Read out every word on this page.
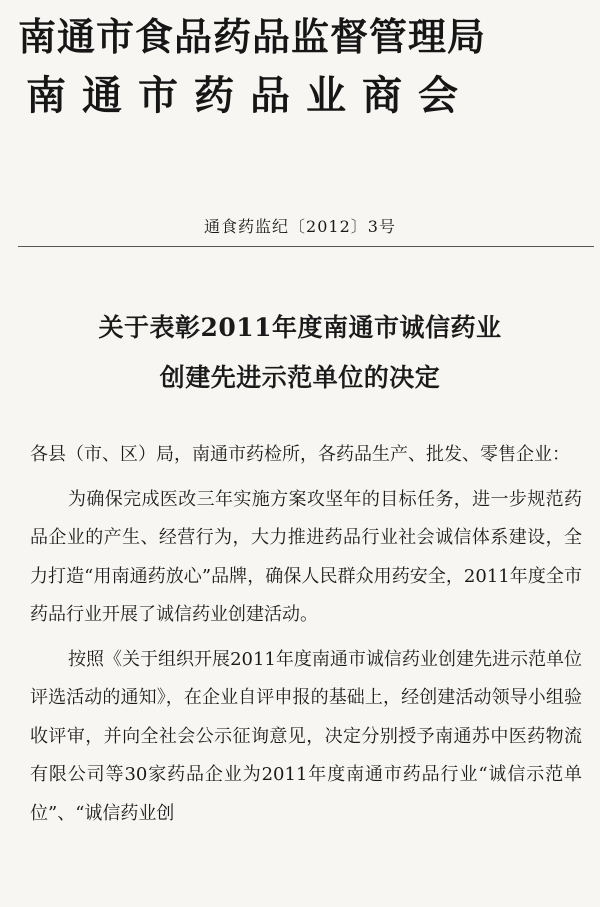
南通市食品药品监督管理局
南通市药品业商会
通食药监纪〔2012〕3号
关于表彰2011年度南通市诚信药业
创建先进示范单位的决定

各县（市、区）局，南通市药检所，各药品生产、批发、零售企业：

为确保完成医改三年实施方案攻坚年的目标任务，进一步规范药品企业的产生、经营行为，大力推进药品行业社会诚信体系建设，全力打造“用南通药放心”品牌，确保人民群众用药安全，2011年度全市药品行业开展了诚信药业创建活动。

按照《关于组织开展2011年度南通市诚信药业创建先进示范单位评选活动的通知》，在企业自评申报的基础上，经创建活动领导小组验收评审，并向全社会公示征询意见，决定分别授予南通苏中医药物流有限公司等30家药品企业为2011年度南通市药品行业“诚信示范单位”、“诚信药业创
